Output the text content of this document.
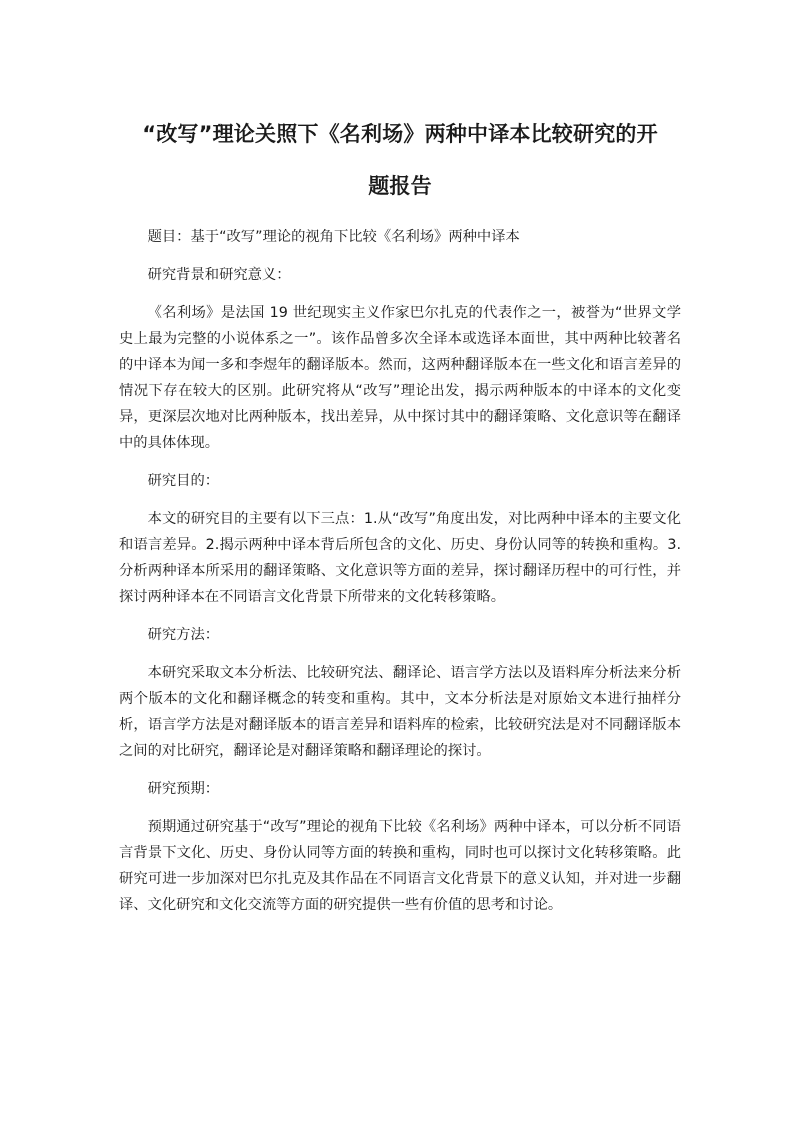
“改写”理论关照下《名利场》两种中译本比较研究的开
题报告

题目：基于“改写”理论的视角下比较《名利场》两种中译本

研究背景和研究意义：

《名利场》是法国 19 世纪现实主义作家巴尔扎克的代表作之一，被誉为“世界文学史上最为完整的小说体系之一”。该作品曾多次全译本或选译本面世，其中两种比较著名的中译本为闻一多和李煜年的翻译版本。然而，这两种翻译版本在一些文化和语言差异的情况下存在较大的区别。此研究将从“改写”理论出发，揭示两种版本的中译本的文化变异，更深层次地对比两种版本，找出差异，从中探讨其中的翻译策略、文化意识等在翻译中的具体体现。

研究目的：

本文的研究目的主要有以下三点：1.从“改写”角度出发，对比两种中译本的主要文化和语言差异。2.揭示两种中译本背后所包含的文化、历史、身份认同等的转换和重构。3.分析两种译本所采用的翻译策略、文化意识等方面的差异，探讨翻译历程中的可行性，并探讨两种译本在不同语言文化背景下所带来的文化转移策略。

研究方法：

本研究采取文本分析法、比较研究法、翻译论、语言学方法以及语料库分析法来分析两个版本的文化和翻译概念的转变和重构。其中，文本分析法是对原始文本进行抽样分析，语言学方法是对翻译版本的语言差异和语料库的检索，比较研究法是对不同翻译版本之间的对比研究，翻译论是对翻译策略和翻译理论的探讨。

研究预期：

预期通过研究基于“改写”理论的视角下比较《名利场》两种中译本，可以分析不同语言背景下文化、历史、身份认同等方面的转换和重构，同时也可以探讨文化转移策略。此研究可进一步加深对巴尔扎克及其作品在不同语言文化背景下的意义认知，并对进一步翻译、文化研究和文化交流等方面的研究提供一些有价值的思考和讨论。
